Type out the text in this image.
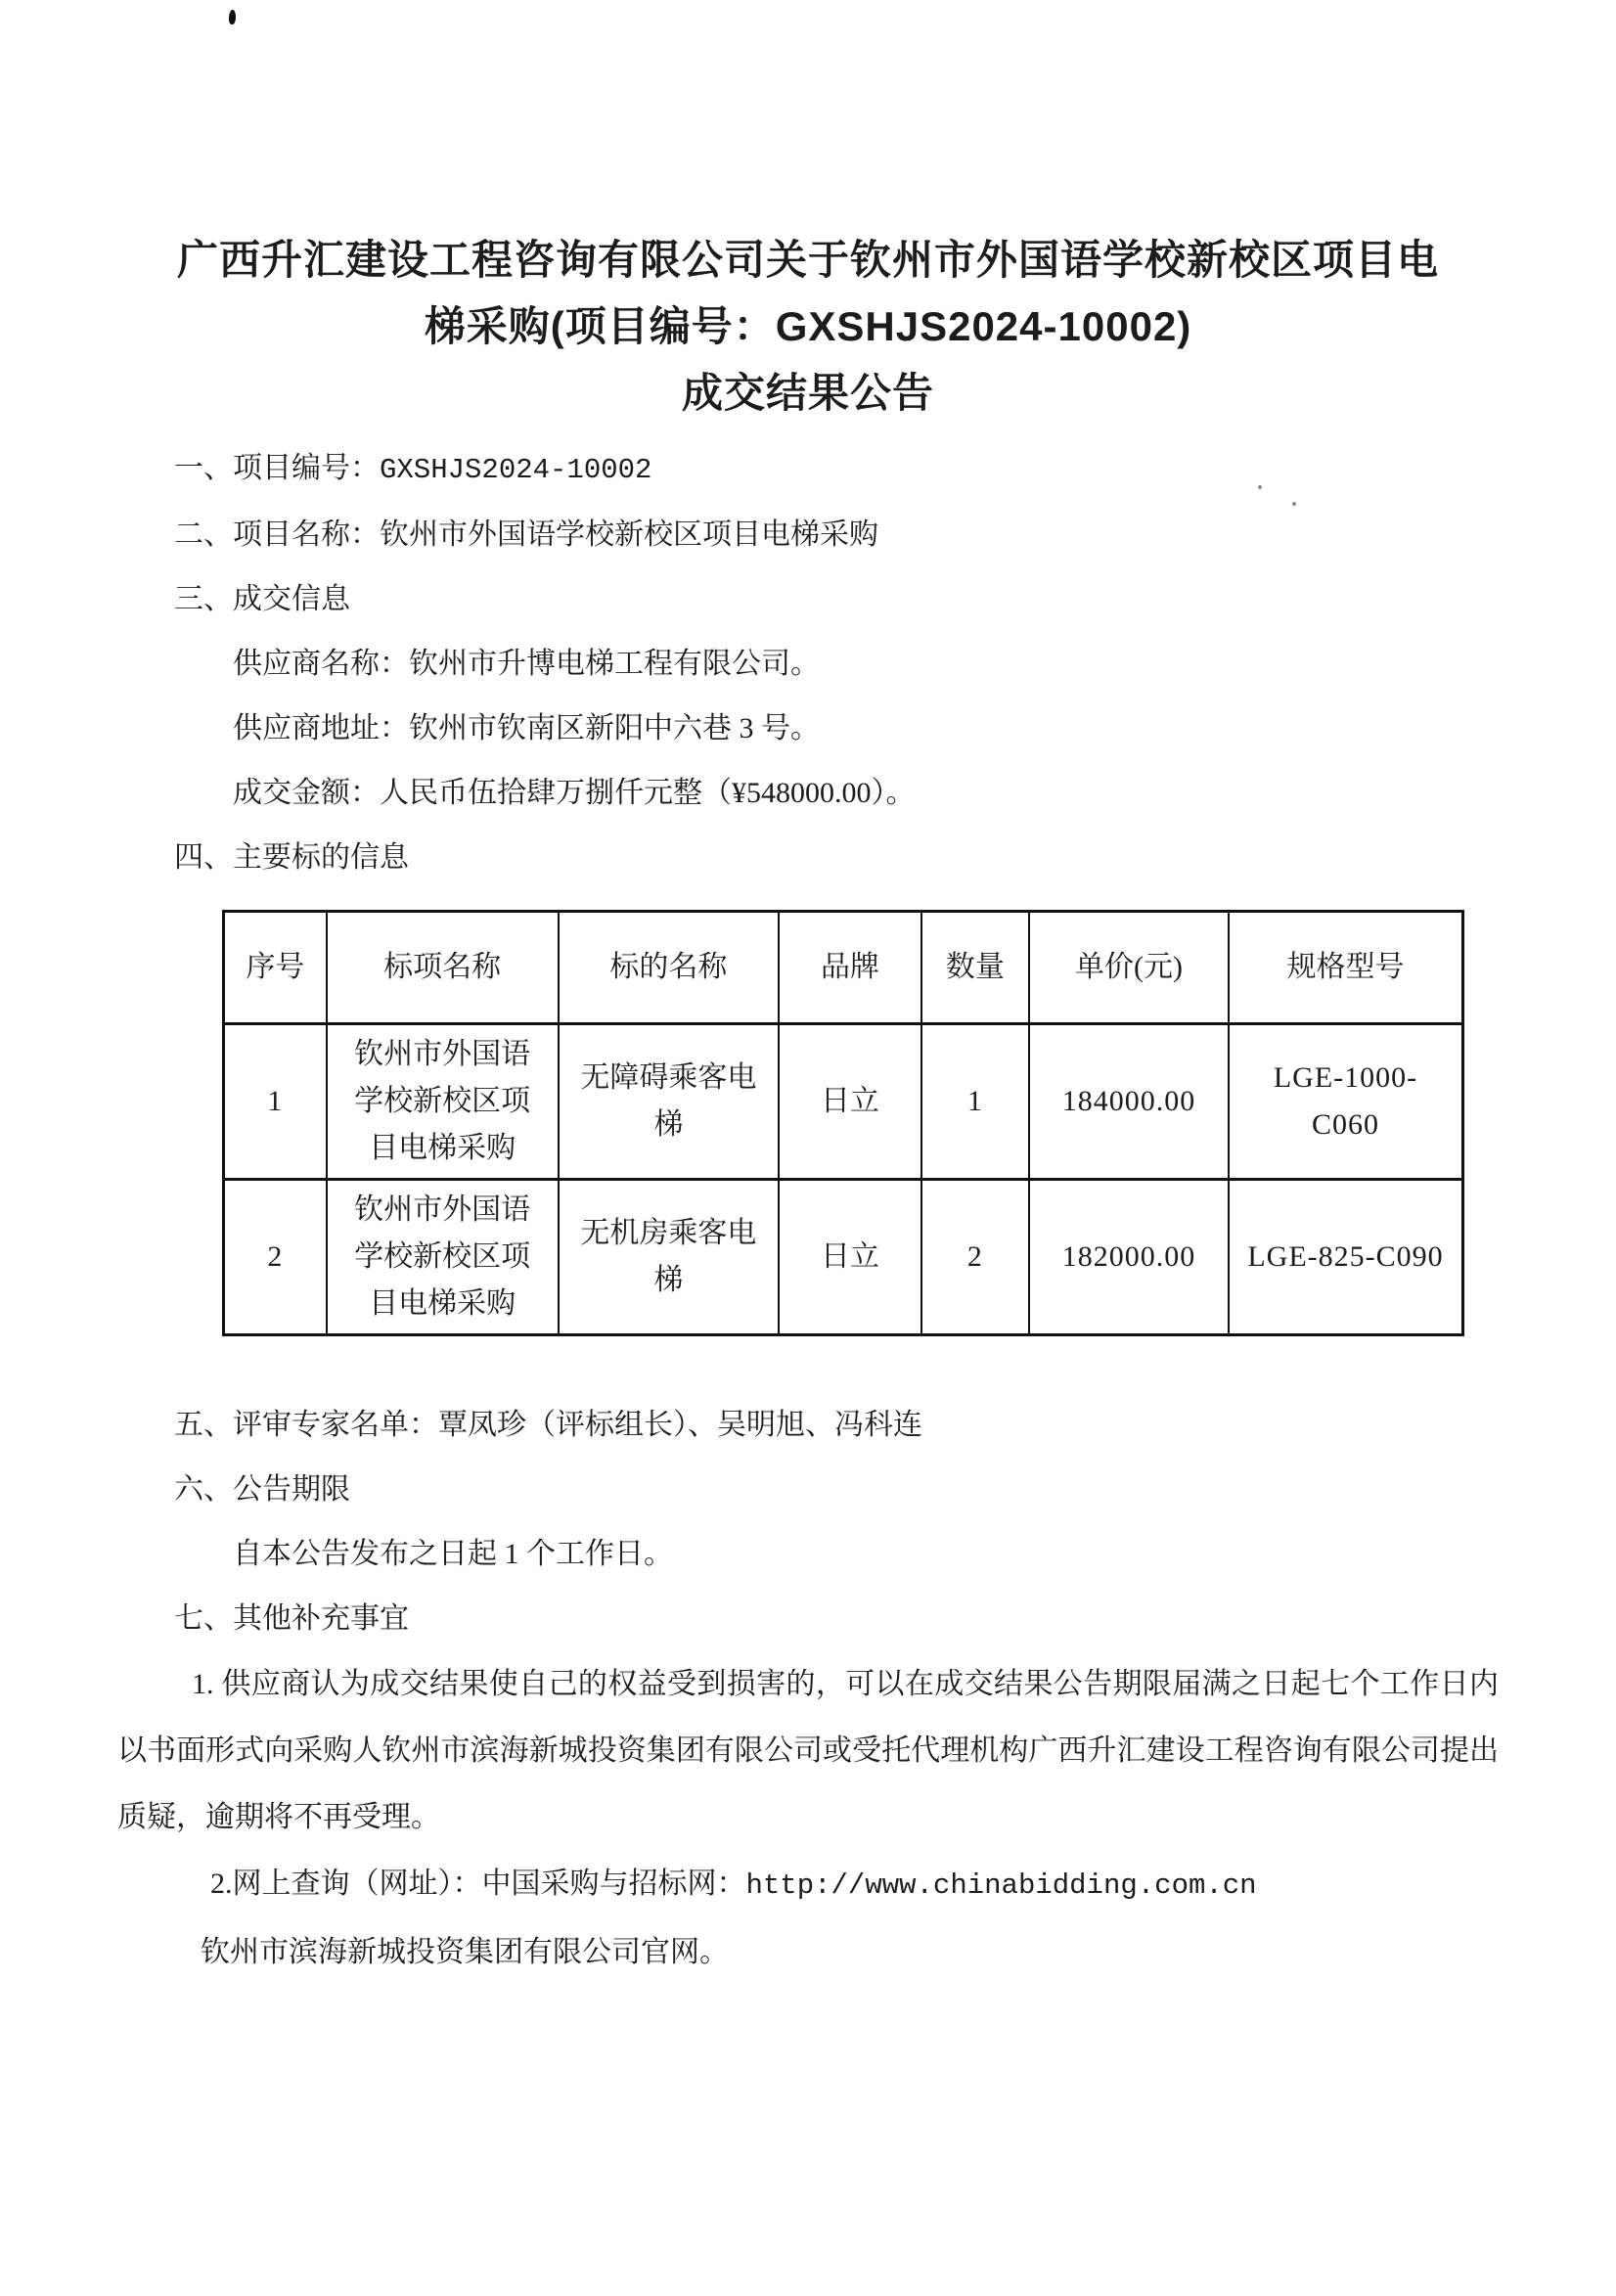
广西升汇建设工程咨询有限公司关于钦州市外国语学校新校区项目电
梯采购(项目编号：GXSHJS2024-10002)
成交结果公告

一、项目编号：GXSHJS2024-10002

二、项目名称：钦州市外国语学校新校区项目电梯采购

三、成交信息

供应商名称：钦州市升博电梯工程有限公司。

供应商地址：钦州市钦南区新阳中六巷 3 号。

成交金额：人民币伍拾肆万捌仟元整（¥548000.00）。

四、主要标的信息

序号	标项名称	标的名称	品牌	数量	单价(元)	规格型号
1	钦州市外国语学校新校区项目电梯采购	无障碍乘客电梯	日立	1	184000.00	LGE-1000-C060
2	钦州市外国语学校新校区项目电梯采购	无机房乘客电梯	日立	2	182000.00	LGE-825-C090

五、评审专家名单：覃凤珍（评标组长）、吴明旭、冯科连

六、公告期限

自本公告发布之日起 1 个工作日。

七、其他补充事宜

1. 供应商认为成交结果使自己的权益受到损害的，可以在成交结果公告期限届满之日起七个工作日内以书面形式向采购人钦州市滨海新城投资集团有限公司或受托代理机构广西升汇建设工程咨询有限公司提出质疑，逾期将不再受理。

2.网上查询（网址）：中国采购与招标网：http://www.chinabidding.com.cn

钦州市滨海新城投资集团有限公司官网。
